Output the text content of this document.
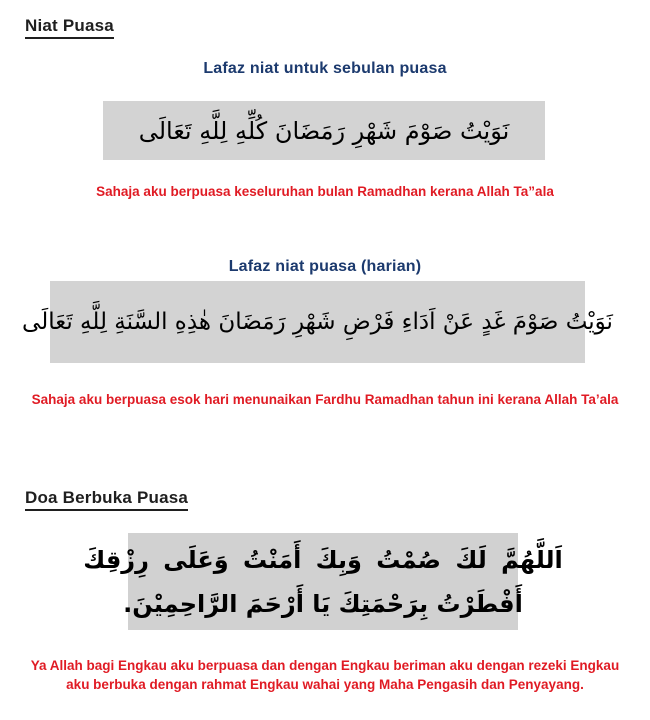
Niat Puasa
Lafaz niat untuk sebulan puasa
نَوَيْتُ صَوْمَ شَهْرِ رَمَضَانَ كُلِّهِ لِلَّهِ تَعَالَى
Sahaja aku berpuasa keseluruhan bulan Ramadhan kerana Allah Ta”ala
Lafaz niat puasa (harian)
نَوَيْتُ صَوْمَ غَدٍ عَنْ اَدَاءِ فَرْضِ شَهْرِ رَمَضَانَ هٰذِهِ السَّنَةِ لِلَّهِ تَعَالَى
Sahaja aku berpuasa esok hari menunaikan Fardhu Ramadhan tahun ini kerana Allah Ta’ala
Doa Berbuka Puasa
اَللَّهُمَّ لَكَ صُمْتُ وَبِكَ أَمَنْتُ وَعَلَى رِزْقِكَ
أَفْطَرْتُ بِرَحْمَتِكَ يَا أَرْحَمَ الرَّاحِمِيْنَ.
Ya Allah bagi Engkau aku berpuasa dan dengan Engkau beriman aku dengan rezeki Engkau
aku berbuka dengan rahmat Engkau wahai yang Maha Pengasih dan Penyayang.
